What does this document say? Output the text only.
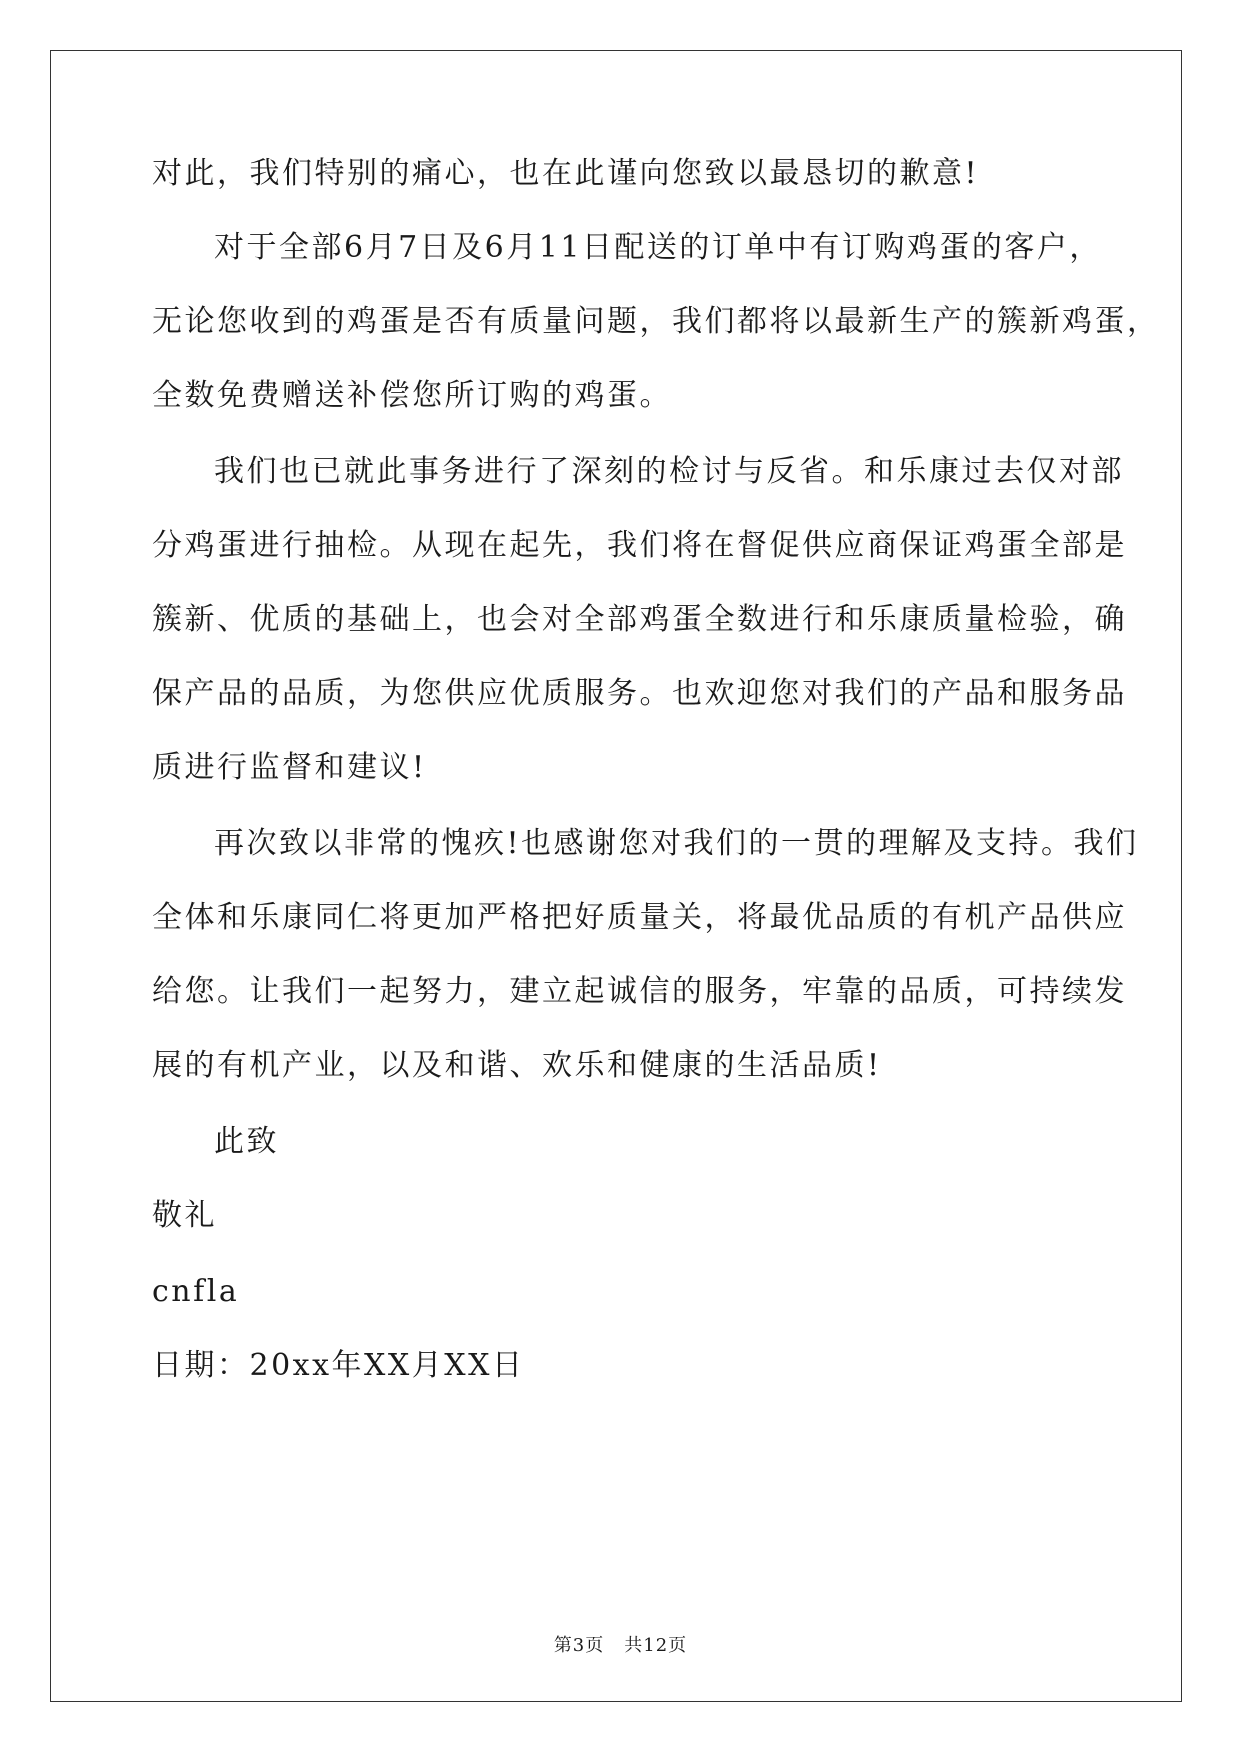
对此，我们特别的痛心，也在此谨向您致以最恳切的歉意!

对于全部6月7日及6月11日配送的订单中有订购鸡蛋的客户，

无论您收到的鸡蛋是否有质量问题，我们都将以最新生产的簇新鸡蛋，

全数免费赠送补偿您所订购的鸡蛋。

我们也已就此事务进行了深刻的检讨与反省。和乐康过去仅对部

分鸡蛋进行抽检。从现在起先，我们将在督促供应商保证鸡蛋全部是

簇新、优质的基础上，也会对全部鸡蛋全数进行和乐康质量检验，确

保产品的品质，为您供应优质服务。也欢迎您对我们的产品和服务品

质进行监督和建议!

再次致以非常的愧疚!也感谢您对我们的一贯的理解及支持。我们

全体和乐康同仁将更加严格把好质量关，将最优品质的有机产品供应

给您。让我们一起努力，建立起诚信的服务，牢靠的品质，可持续发

展的有机产业，以及和谐、欢乐和健康的生活品质!

此致

敬礼

cnfla

日期：20xx年XX月XX日

第3页 共12页
